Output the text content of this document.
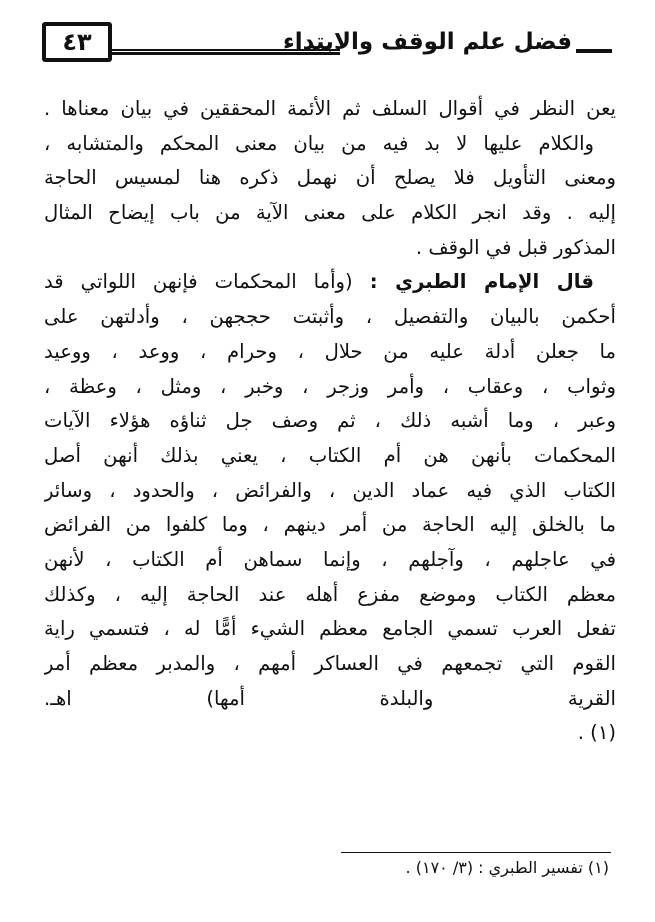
فضل علم الوقف والابتداء
٤٣
يعن النظر في أقوال السلف ثم الأئمة المحققين في بيان معناها .
والكلام عليها لا بد فيه من بيان معنى المحكم والمتشابه ،
ومعنى التأويل فلا يصلح أن نهمل ذكره هنا لمسيس الحاجة
إليه . وقد انجر الكلام على معنى الآية من باب إيضاح المثال
المذكور قبل في الوقف .
قال الإمام الطبري : (وأما المحكمات فإنهن اللواتي قد
أحكمن بالبيان والتفصيل ، وأثبتت حججهن ، وأدلتهن على
ما جعلن أدلة عليه من حلال ، وحرام ، ووعد ، ووعيد
وثواب ، وعقاب ، وأمر وزجر ، وخبر ، ومثل ، وعظة ،
وعبر ، وما أشبه ذلك ، ثم وصف جل ثناؤه هؤلاء الآيات
المحكمات بأنهن هن أم الكتاب ، يعني بذلك أنهن أصل
الكتاب الذي فيه عماد الدين ، والفرائض ، والحدود ، وسائر
ما بالخلق إليه الحاجة من أمر دينهم ، وما كلفوا من الفرائض
في عاجلهم ، وآجلهم ، وإنما سماهن أم الكتاب ، لأنهن
معظم الكتاب وموضع مفزع أهله عند الحاجة إليه ، وكذلك
تفعل العرب تسمي الجامع معظم الشيء أمًّا له ، فتسمي راية
القوم التي تجمعهم في العساكر أمهم ، والمدبر معظم أمر
القرية والبلدة أمها) اهـ.
(١) .
(١) تفسير الطبري : (٣/ ١٧٠) .
